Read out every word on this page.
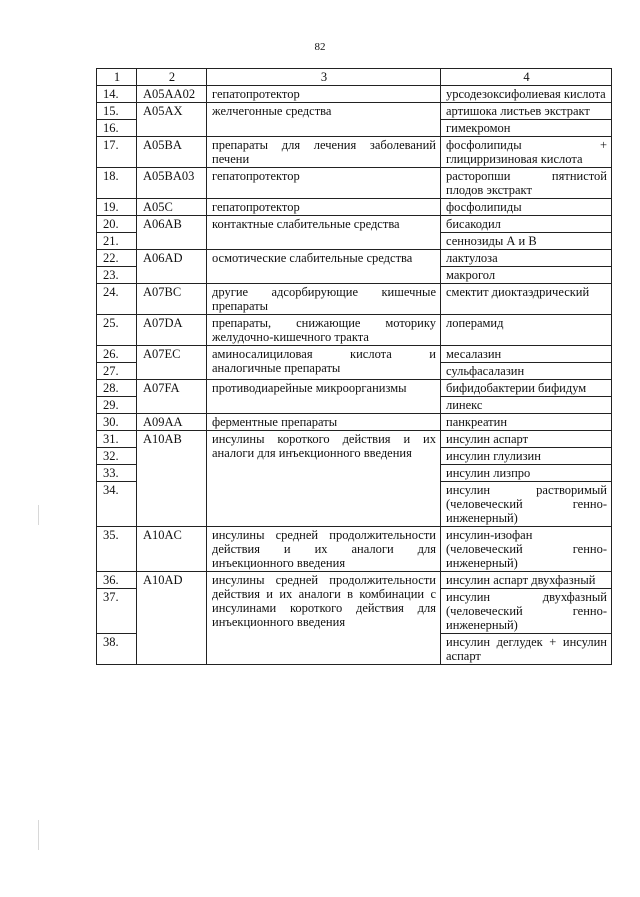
82
1	2	3	4
14.	A05AA02	гепатопротектор	урсодезоксифолиевая кислота
15.	A05AX	желчегонные средства	артишока листьев экстракт
16.			гимекромон
17.	A05BA	препараты для лечения заболеваний печени	фосфолипиды + глицирризиновая кислота
18.	A05BA03	гепатопротектор	расторопши пятнистой плодов экстракт
19.	A05C	гепатопротектор	фосфолипиды
20.	A06AB	контактные слабительные средства	бисакодил
21.			сеннозиды А и В
22.	A06AD	осмотические слабительные средства	лактулоза
23.			макрогол
24.	A07BC	другие адсорбирующие кишечные препараты	смектит диоктаэдрический
25.	A07DA	препараты, снижающие моторику желудочно-кишечного тракта	лоперамид
26.	A07EC	аминосалициловая кислота и аналогичные препараты	месалазин
27.			сульфасалазин
28.	A07FA	противодиарейные микроорганизмы	бифидобактерии бифидум
29.			линекс
30.	A09AA	ферментные препараты	панкреатин
31.	A10AB	инсулины короткого действия и их аналоги для инъекционного введения	инсулин аспарт
32.			инсулин глулизин
33.			инсулин лизпро
34.			инсулин растворимый (человеческий генно-инженерный)
35.	A10AC	инсулины средней продолжительности действия и их аналоги для инъекционного введения	инсулин-изофан (человеческий генно-инженерный)
36.	A10AD	инсулины средней продолжительности действия и их аналоги в комбинации с инсулинами короткого действия для инъекционного введения	инсулин аспарт двухфазный
37.			инсулин двухфазный (человеческий генно-инженерный)
38.			инсулин деглудек + инсулин аспарт
